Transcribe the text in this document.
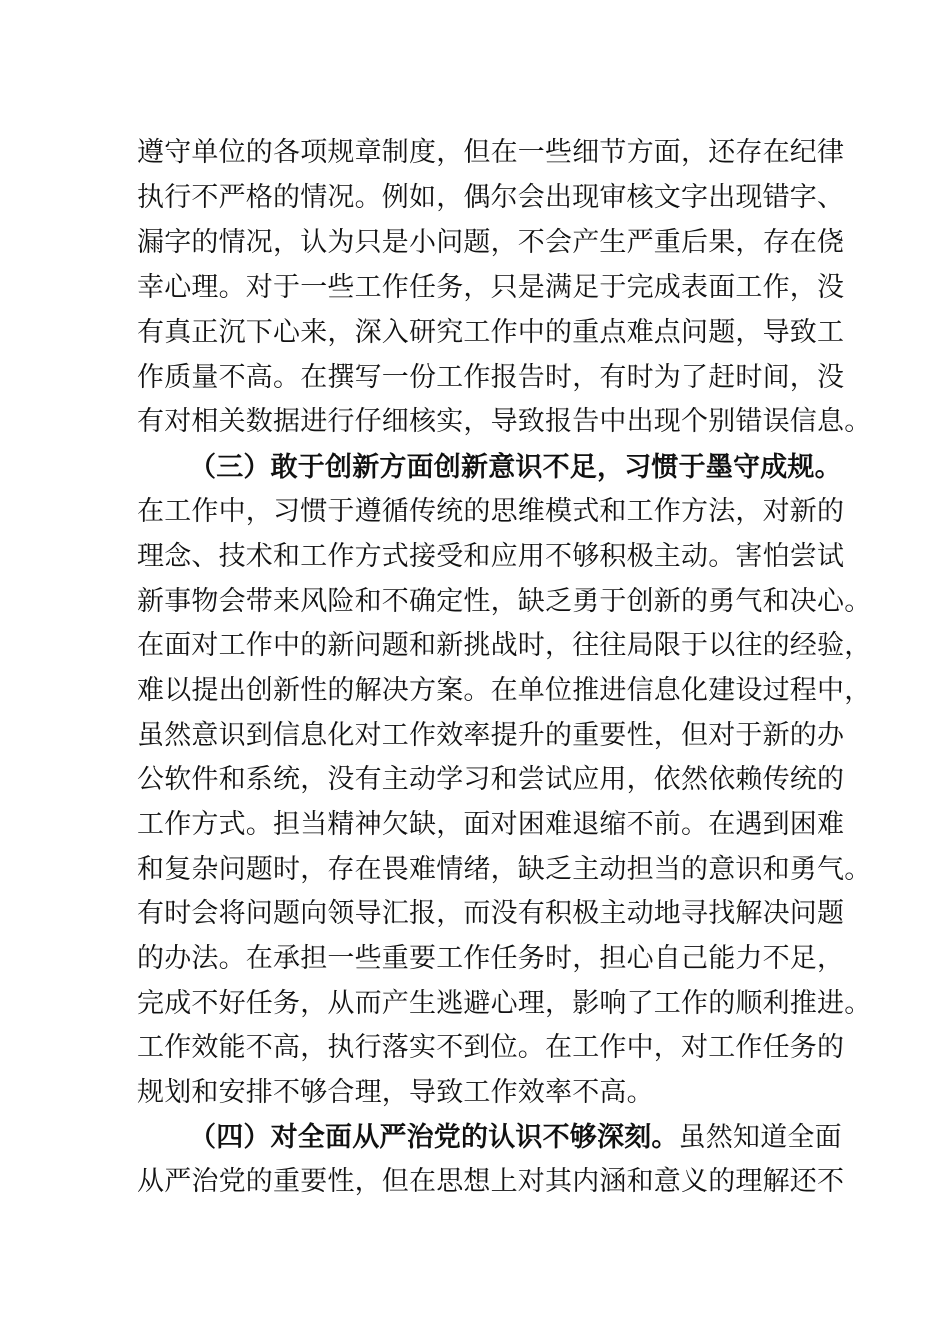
遵守单位的各项规章制度，但在一些细节方面，还存在纪律
执行不严格的情况。例如，偶尔会出现审核文字出现错字、
漏字的情况，认为只是小问题，不会产生严重后果，存在侥
幸心理。对于一些工作任务，只是满足于完成表面工作，没
有真正沉下心来，深入研究工作中的重点难点问题，导致工
作质量不高。在撰写一份工作报告时，有时为了赶时间，没
有对相关数据进行仔细核实，导致报告中出现个别错误信息。
（三）敢于创新方面创新意识不足，习惯于墨守成规。
在工作中，习惯于遵循传统的思维模式和工作方法，对新的
理念、技术和工作方式接受和应用不够积极主动。害怕尝试
新事物会带来风险和不确定性，缺乏勇于创新的勇气和决心。
在面对工作中的新问题和新挑战时，往往局限于以往的经验，
难以提出创新性的解决方案。在单位推进信息化建设过程中，
虽然意识到信息化对工作效率提升的重要性，但对于新的办
公软件和系统，没有主动学习和尝试应用，依然依赖传统的
工作方式。担当精神欠缺，面对困难退缩不前。在遇到困难
和复杂问题时，存在畏难情绪，缺乏主动担当的意识和勇气。
有时会将问题向领导汇报，而没有积极主动地寻找解决问题
的办法。在承担一些重要工作任务时，担心自己能力不足，
完成不好任务，从而产生逃避心理，影响了工作的顺利推进。
工作效能不高，执行落实不到位。在工作中，对工作任务的
规划和安排不够合理，导致工作效率不高。
（四）对全面从严治党的认识不够深刻。虽然知道全面
从严治党的重要性，但在思想上对其内涵和意义的理解还不
